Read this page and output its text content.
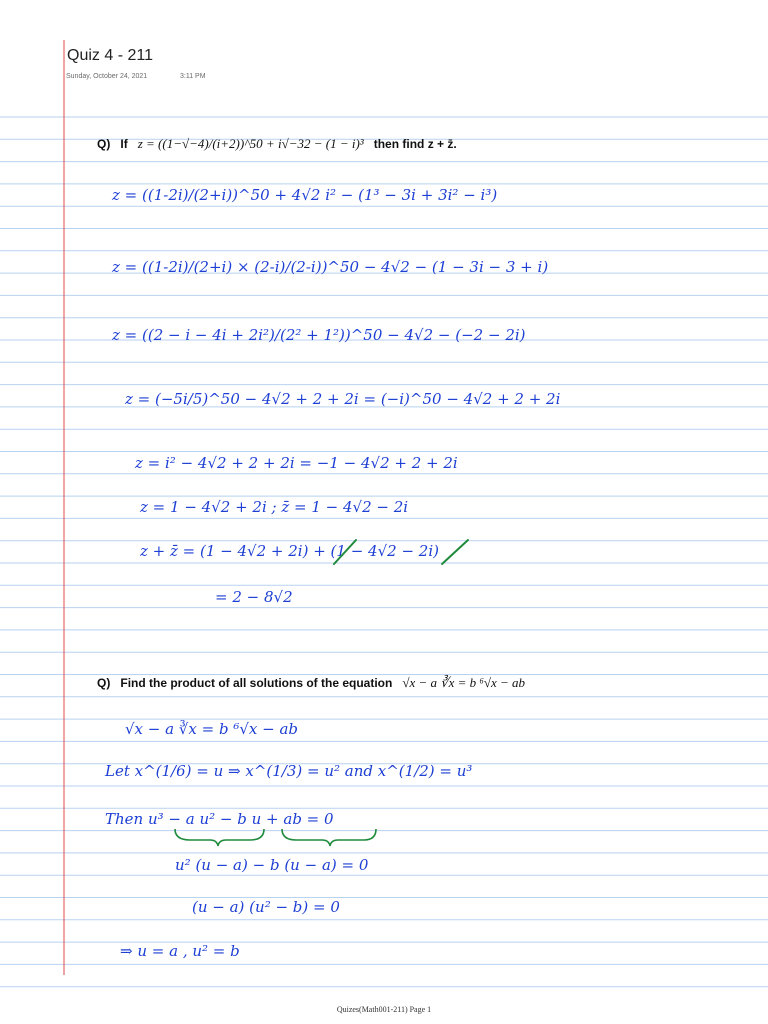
Quiz 4 - 211
Sunday, October 24, 2021	3:11 PM
Q) If z = ((1−√−4)/(i+2))^50 + i√−32 − (1 − i)³ then find z + z̄.
z = ((1-2i)/(2+i))^50 + 4√2 i² − (1³ − 3i + 3i² − i³)
z = ((1-2i)/(2+i) × (2-i)/(2-i))^50 − 4√2 − (1 − 3i − 3 + i)
z = ((2 − i − 4i + 2i²)/(2² + 1²))^50 − 4√2 − (−2 − 2i)
z = (−5i/5)^50 − 4√2 + 2 + 2i = (−i)^50 − 4√2 + 2 + 2i
z = i² − 4√2 + 2 + 2i = −1 − 4√2 + 2 + 2i
z = 1 − 4√2 + 2i ; z̄ = 1 − 4√2 − 2i
z + z̄ = (1 − 4√2 + 2i) + (1 − 4√2 − 2i)
= 2 − 8√2
Q) Find the product of all solutions of the equation √x − a ∛x = b ⁶√x − ab
√x − a ∛x = b ⁶√x − ab
Let x^(1/6) = u ⇒ x^(1/3) = u² and x^(1/2) = u³
Then u³ − a u² − b u + ab = 0
u² (u − a) − b (u − a) = 0
(u − a) (u² − b) = 0
⇒ u = a , u² = b
Quizes(Math001-211) Page 1
